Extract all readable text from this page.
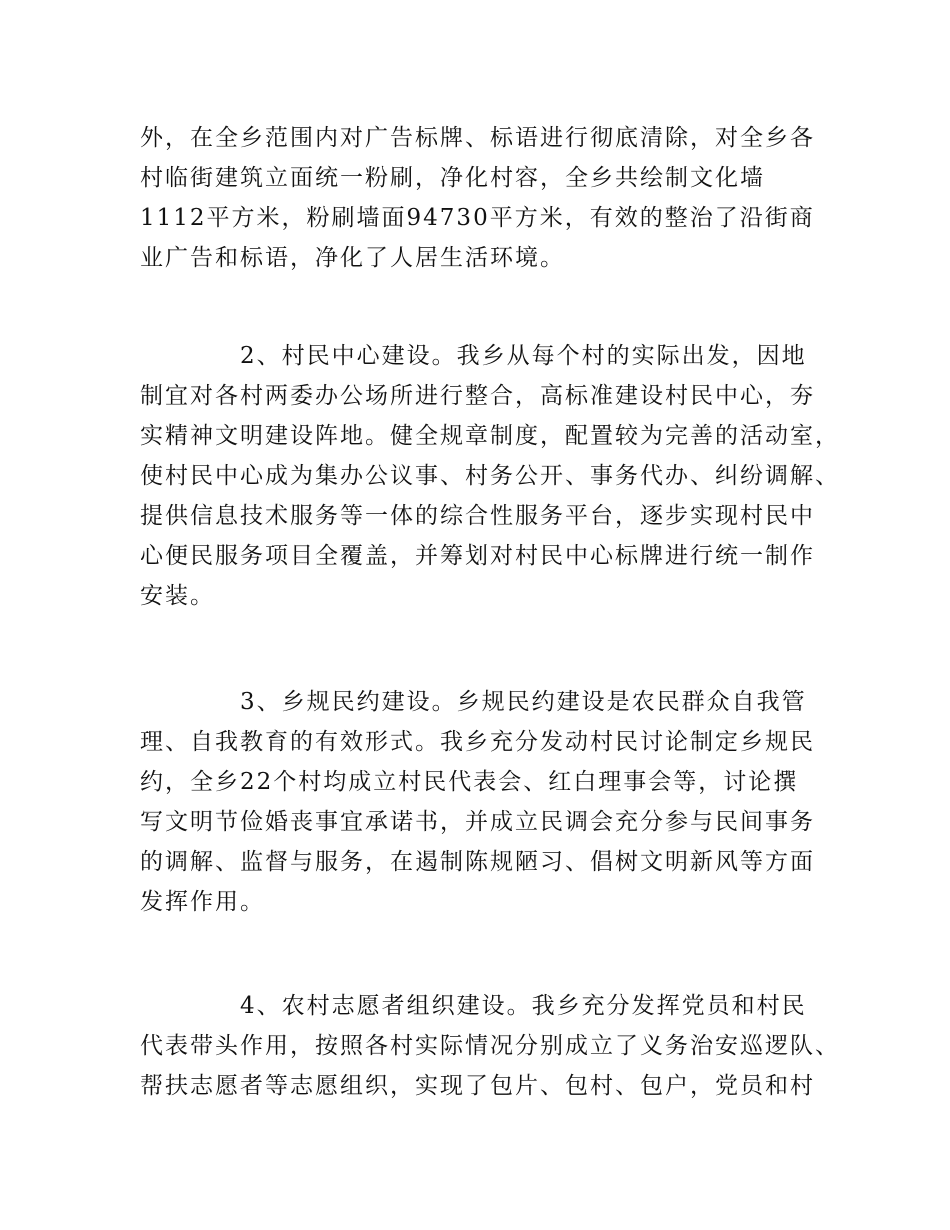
外，在全乡范围内对广告标牌、标语进行彻底清除，对全乡各
村临街建筑立面统一粉刷，净化村容，全乡共绘制文化墙
1112平方米，粉刷墙面94730平方米，有效的整治了沿街商
业广告和标语，净化了人居生活环境。
2、村民中心建设。我乡从每个村的实际出发，因地
制宜对各村两委办公场所进行整合，高标准建设村民中心，夯
实精神文明建设阵地。健全规章制度，配置较为完善的活动室，
使村民中心成为集办公议事、村务公开、事务代办、纠纷调解、
提供信息技术服务等一体的综合性服务平台，逐步实现村民中
心便民服务项目全覆盖，并筹划对村民中心标牌进行统一制作
安装。
3、乡规民约建设。乡规民约建设是农民群众自我管
理、自我教育的有效形式。我乡充分发动村民讨论制定乡规民
约，全乡22个村均成立村民代表会、红白理事会等，讨论撰
写文明节俭婚丧事宜承诺书，并成立民调会充分参与民间事务
的调解、监督与服务，在遏制陈规陋习、倡树文明新风等方面
发挥作用。
4、农村志愿者组织建设。我乡充分发挥党员和村民
代表带头作用，按照各村实际情况分别成立了义务治安巡逻队、
帮扶志愿者等志愿组织，实现了包片、包村、包户，党员和村
